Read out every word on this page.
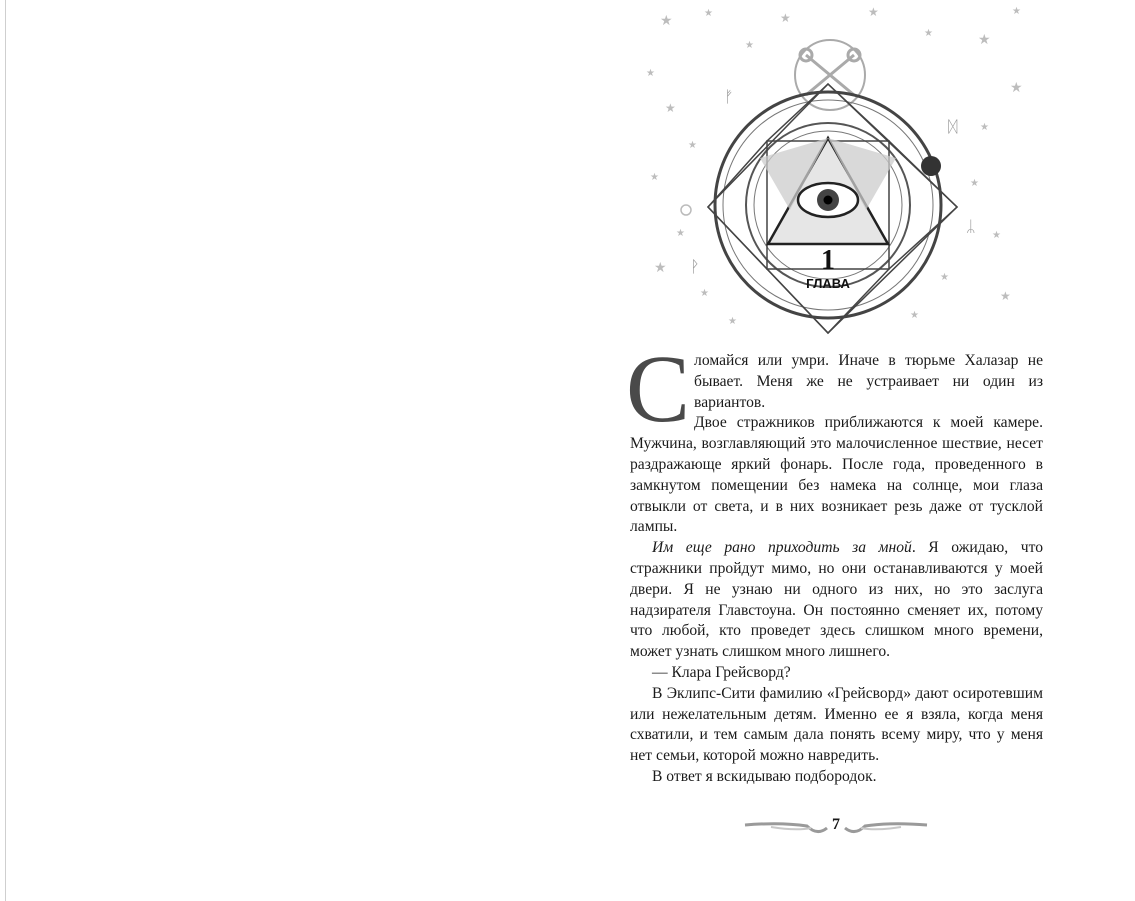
★
★
★
★	★
★	★
★
★
★
★
★
★
★
★
★
★
★
★
★
★
★
★
ᚠ
ᛞ
ᚹ
ᛦ
1
ГЛАВА

Сломайся или умри. Иначе в тюрьме Халазар не бывает. Меня же не устраивает ни один из вариантов.

Двое стражников приближаются к моей камере. Мужчина, возглавляющий это малочисленное шествие, несет раздражающе яркий фонарь. После года, проведенного в замкнутом помещении без намека на солнце, мои глаза отвыкли от света, и в них возникает резь даже от тусклой лампы.

Им еще рано приходить за мной. Я ожидаю, что стражники пройдут мимо, но они останавливаются у моей двери. Я не узнаю ни одного из них, но это заслуга надзирателя Главстоуна. Он постоянно сменяет их, потому что любой, кто проведет здесь слишком много времени, может узнать слишком много лишнего.

— Клара Грейсворд?

В Эклипс-Сити фамилию «Грейсворд» дают осиротевшим или нежелательным детям. Именно ее я взяла, когда меня схватили, и тем самым дала понять всему миру, что у меня нет семьи, которой можно навредить.

В ответ я вскидываю подбородок.

7
